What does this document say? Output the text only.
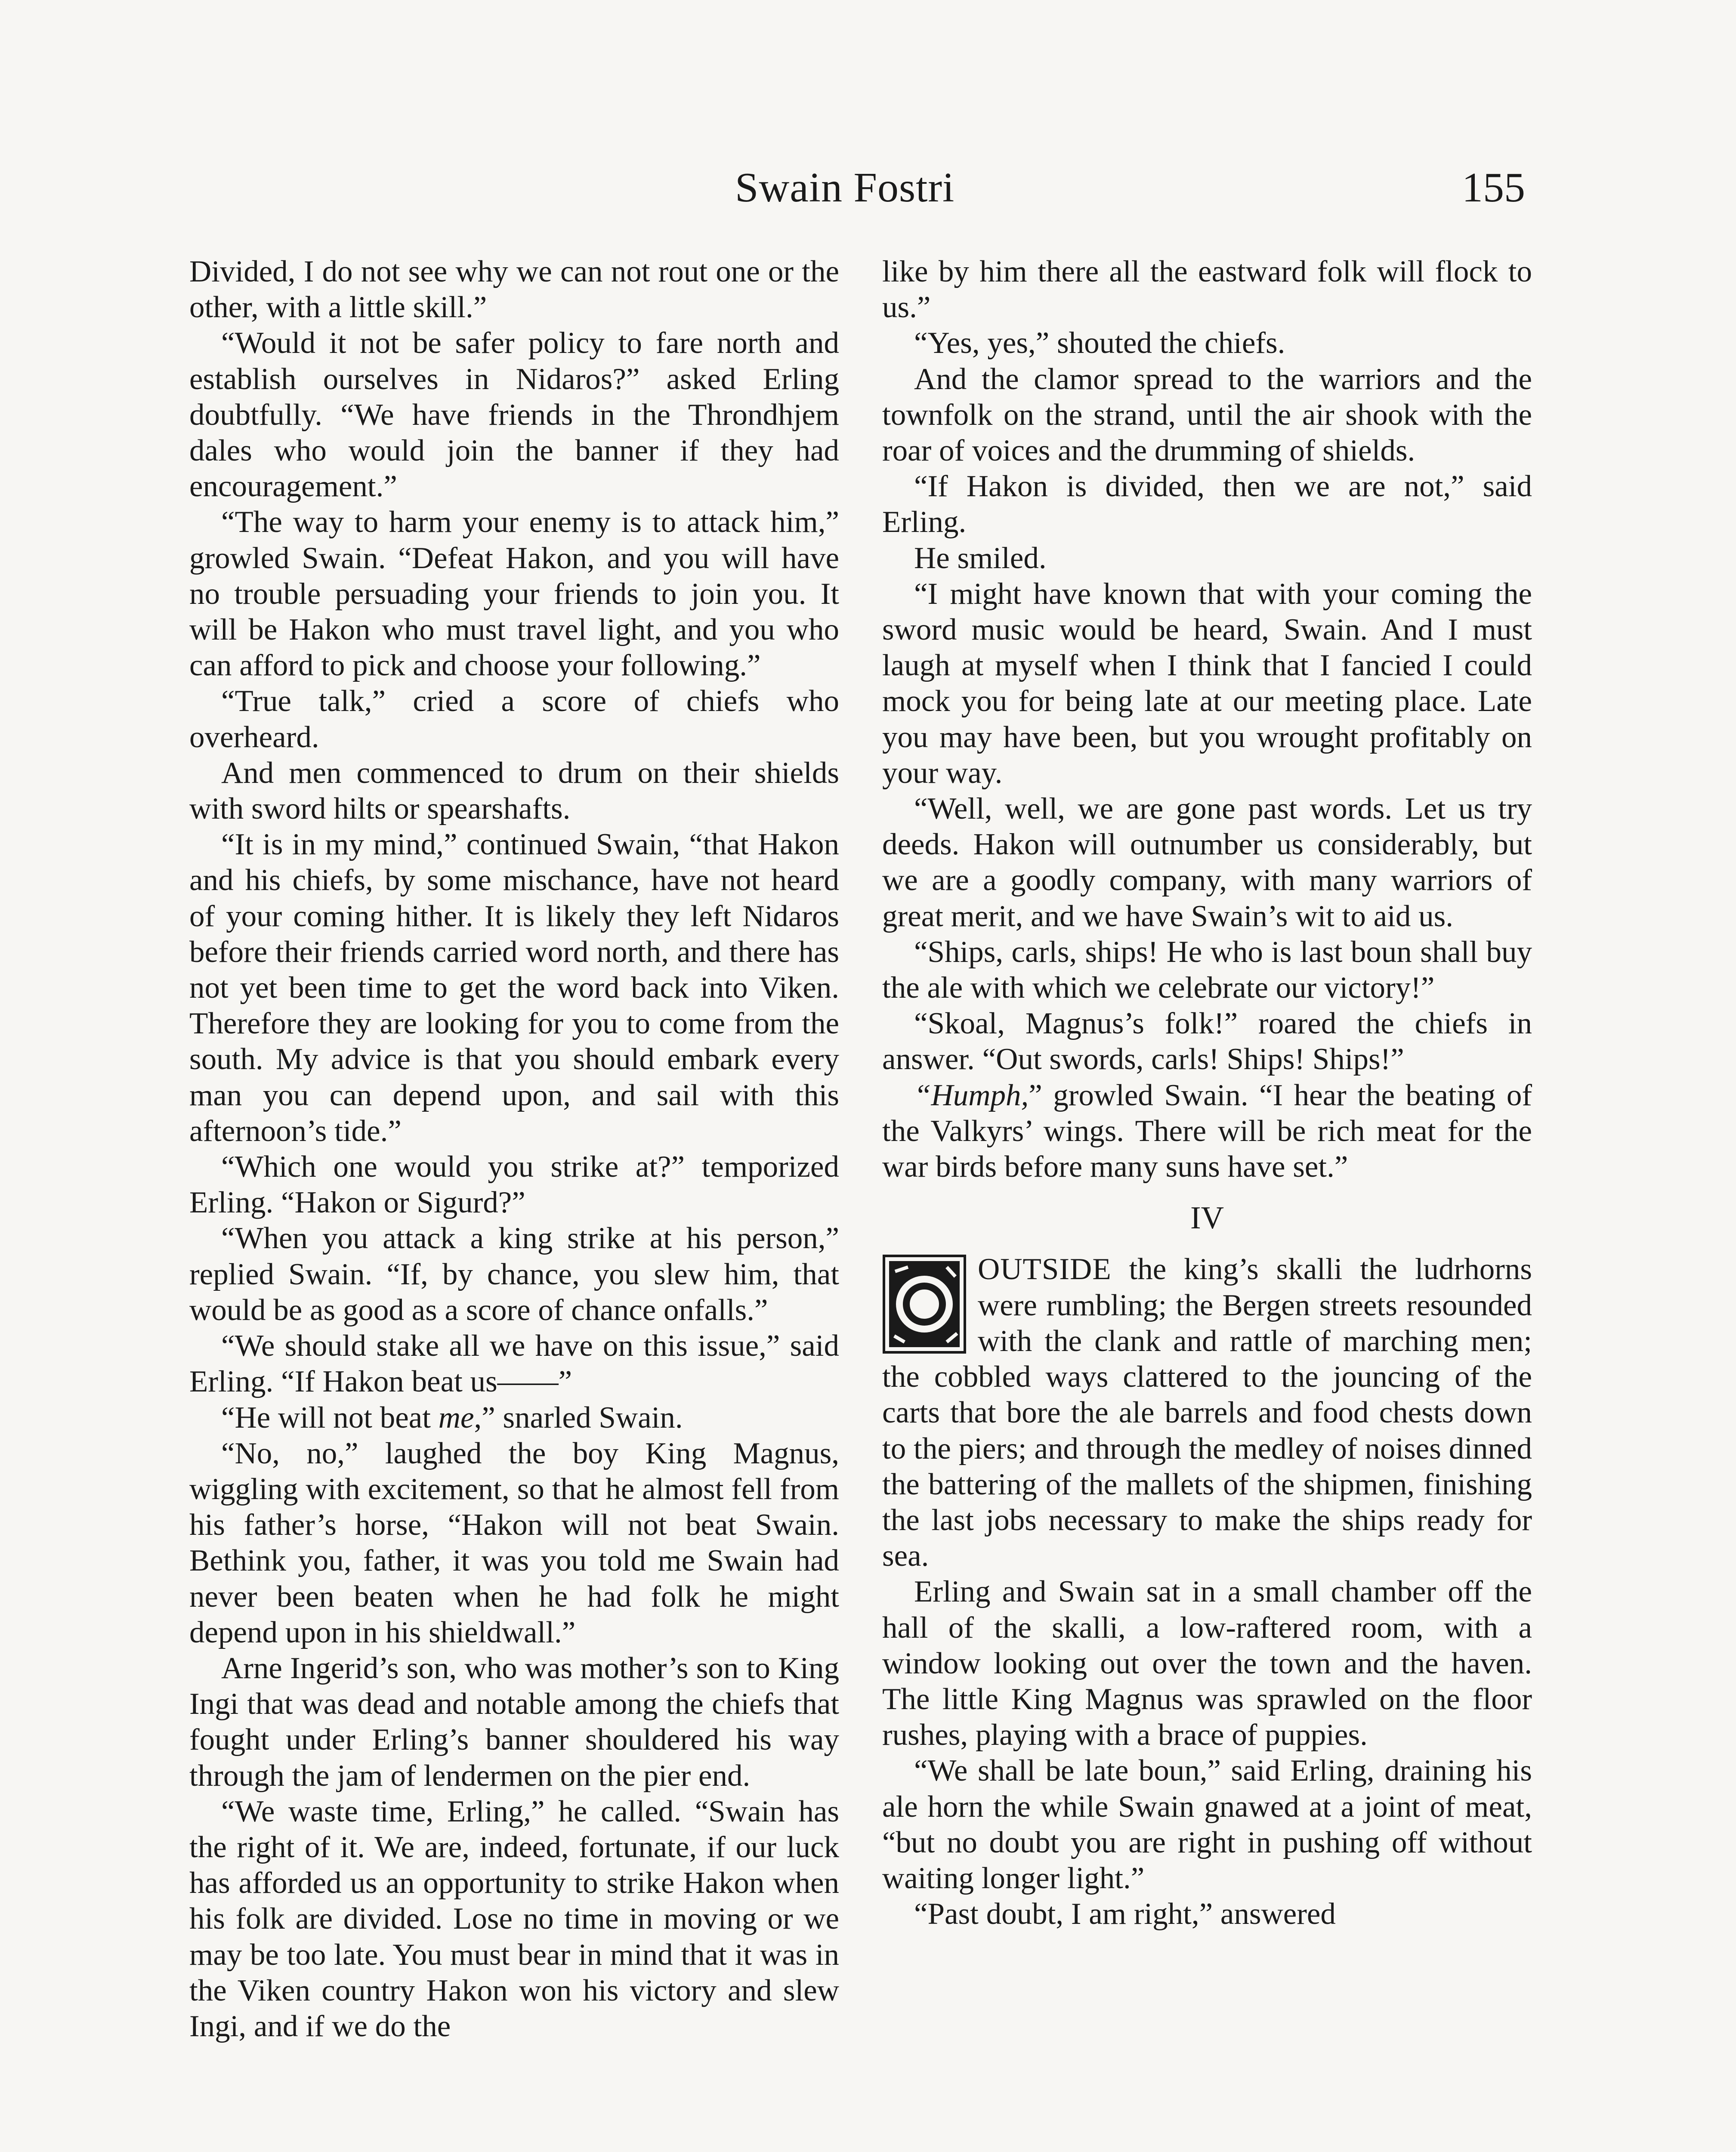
Swain Fostri	155

Divided, I do not see why we can not rout one or the other, with a little skill.”

“Would it not be safer policy to fare north and establish ourselves in Nidaros?” asked Erling doubtfully. “We have friends in the Throndhjem dales who would join the banner if they had encouragement.”

“The way to harm your enemy is to attack him,” growled Swain. “Defeat Hakon, and you will have no trouble persuading your friends to join you. It will be Hakon who must travel light, and you who can afford to pick and choose your following.”

“True talk,” cried a score of chiefs who overheard.

And men commenced to drum on their shields with sword hilts or spearshafts.

“It is in my mind,” continued Swain, “that Hakon and his chiefs, by some mischance, have not heard of your coming hither. It is likely they left Nidaros before their friends carried word north, and there has not yet been time to get the word back into Viken. Therefore they are looking for you to come from the south. My advice is that you should embark every man you can depend upon, and sail with this afternoon’s tide.”

“Which one would you strike at?” temporized Erling. “Hakon or Sigurd?”

“When you attack a king strike at his person,” replied Swain. “If, by chance, you slew him, that would be as good as a score of chance onfalls.”

“We should stake all we have on this issue,” said Erling. “If Hakon beat us——”

“He will not beat me,” snarled Swain.

“No, no,” laughed the boy King Magnus, wiggling with excitement, so that he almost fell from his father’s horse, “Hakon will not beat Swain. Bethink you, father, it was you told me Swain had never been beaten when he had folk he might depend upon in his shieldwall.”

Arne Ingerid’s son, who was mother’s son to King Ingi that was dead and notable among the chiefs that fought under Erling’s banner shouldered his way through the jam of lendermen on the pier end.

“We waste time, Erling,” he called. “Swain has the right of it. We are, indeed, fortunate, if our luck has afforded us an opportunity to strike Hakon when his folk are divided. Lose no time in moving or we may be too late. You must bear in mind that it was in the Viken country Hakon won his victory and slew Ingi, and if we do the

like by him there all the eastward folk will flock to us.”

“Yes, yes,” shouted the chiefs.

And the clamor spread to the warriors and the townfolk on the strand, until the air shook with the roar of voices and the drumming of shields.

“If Hakon is divided, then we are not,” said Erling.

He smiled.

“I might have known that with your coming the sword music would be heard, Swain. And I must laugh at myself when I think that I fancied I could mock you for being late at our meeting place. Late you may have been, but you wrought profitably on your way.

“Well, well, we are gone past words. Let us try deeds. Hakon will outnumber us considerably, but we are a goodly company, with many warriors of great merit, and we have Swain’s wit to aid us.

“Ships, carls, ships! He who is last boun shall buy the ale with which we celebrate our victory!”

“Skoal, Magnus’s folk!” roared the chiefs in answer. “Out swords, carls! Ships! Ships!”

“Humph,” growled Swain. “I hear the beating of the Valkyrs’ wings. There will be rich meat for the war birds before many suns have set.”

IV

OUTSIDE the king’s skalli the ludrhorns were rumbling; the Bergen streets resounded with the clank and rattle of marching men; the cobbled ways clattered to the jouncing of the carts that bore the ale barrels and food chests down to the piers; and through the medley of noises dinned the battering of the mallets of the shipmen, finishing the last jobs necessary to make the ships ready for sea.

Erling and Swain sat in a small chamber off the hall of the skalli, a low-raftered room, with a window looking out over the town and the haven. The little King Magnus was sprawled on the floor rushes, playing with a brace of puppies.

“We shall be late boun,” said Erling, draining his ale horn the while Swain gnawed at a joint of meat, “but no doubt you are right in pushing off without waiting longer light.”

“Past doubt, I am right,” answered
